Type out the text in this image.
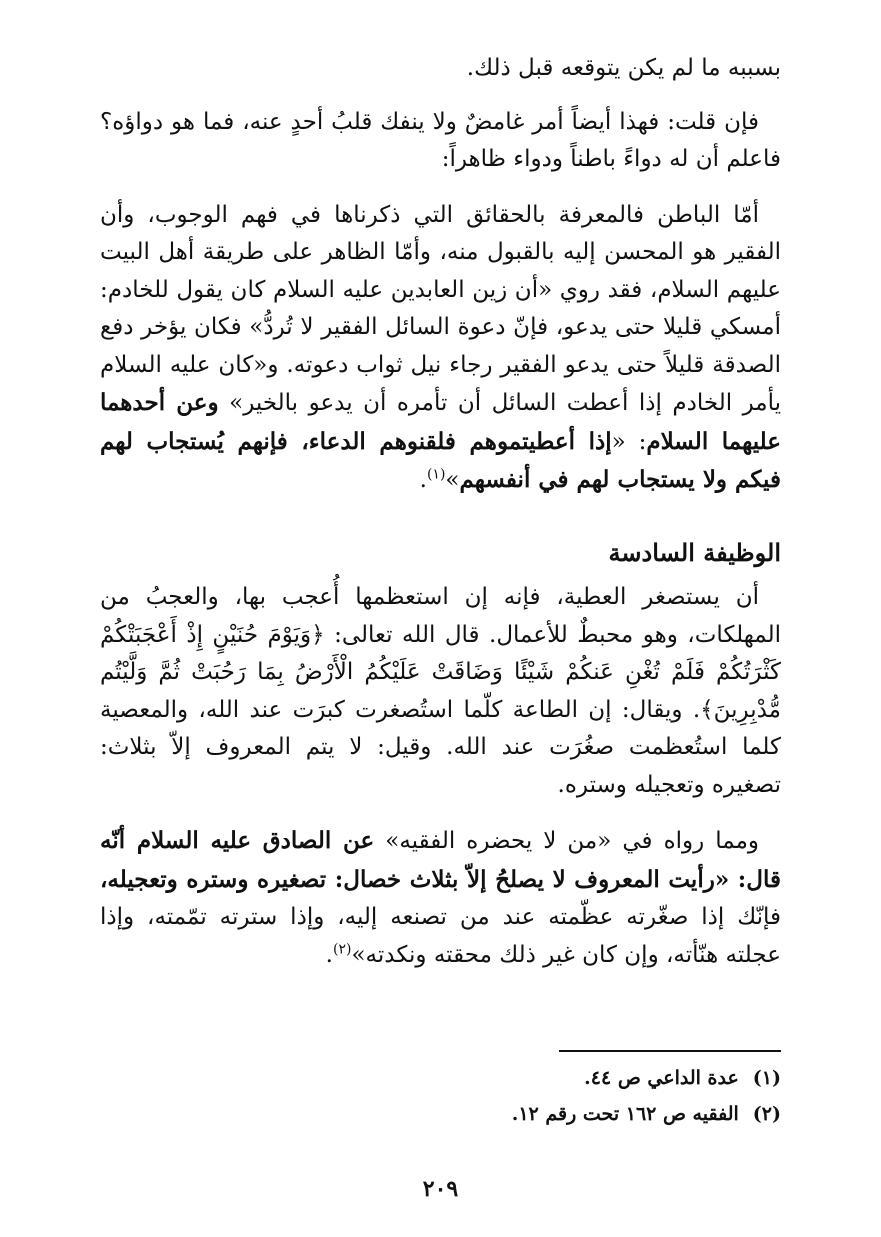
بسببه ما لم يكن يتوقعه قبل ذلك.

فإن قلت: فهذا أيضاً أمر غامضٌ ولا ينفك قلبُ أحدٍ عنه، فما هو دواؤه؟ فاعلم أن له دواءً باطناً ودواء ظاهراً:

أمّا الباطن فالمعرفة بالحقائق التي ذكرناها في فهم الوجوب، وأن الفقير هو المحسن إليه بالقبول منه، وأمّا الظاهر على طريقة أهل البيت عليهم السلام، فقد روي «أن زين العابدين عليه السلام كان يقول للخادم: أمسكي قليلا حتى يدعو، فإنّ دعوة السائل الفقير لا تُردُّ» فكان يؤخر دفع الصدقة قليلاً حتى يدعو الفقير رجاء نيل ثواب دعوته. و«كان عليه السلام يأمر الخادم إذا أعطت السائل أن تأمره أن يدعو بالخير» وعن أحدهما عليهما السلام: «إذا أعطيتموهم فلقنوهم الدعاء، فإنهم يُستجاب لهم فيكم ولا يستجاب لهم في أنفسهم»$^{(١)}$.

الوظيفة السادسة

أن يستصغر العطية، فإنه إن استعظمها أُعجب بها، والعجبُ من المهلكات، وهو محبطٌ للأعمال. قال الله تعالى: ﴿وَيَوْمَ حُنَيْنٍ إِذْ أَعْجَبَتْكُمْ كَثْرَتُكُمْ فَلَمْ تُغْنِ عَنكُمْ شَيْئًا وَضَاقَتْ عَلَيْكُمُ الْأَرْضُ بِمَا رَحُبَتْ ثُمَّ وَلَّيْتُم مُّدْبِرِينَ﴾. ويقال: إن الطاعة كلّما استُصغرت كبرَت عند الله، والمعصية كلما استُعظمت صغُرَت عند الله. وقيل: لا يتم المعروف إلاّ بثلاث: تصغيره وتعجيله وستره.

ومما رواه في «من لا يحضره الفقيه» عن الصادق عليه السلام أنّه قال: «رأيت المعروف لا يصلحُ إلاّ بثلاث خصال: تصغيره وستره وتعجيله، فإنّك إذا صغّرته عظّمته عند من تصنعه إليه، وإذا سترته تمّمته، وإذا عجلته هنّأته، وإن كان غير ذلك محقته ونكدته»$^{(٢)}$.

(١)عدة الداعي ص ٤٤.

(٢)الفقيه ص ١٦٢ تحت رقم ١٢.

٢٠٩
